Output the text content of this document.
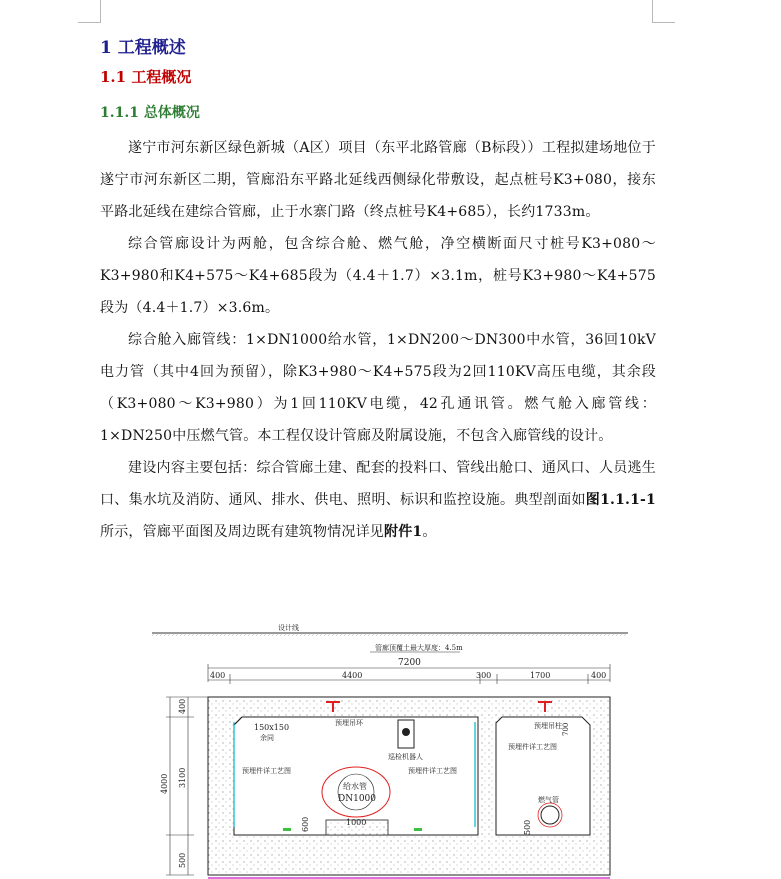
1 工程概述
1.1 工程概况
1.1.1 总体概况

遂宁市河东新区绿色新城（A区）项目（东平北路管廊（B标段））工程拟建场地位于遂宁市河东新区二期，管廊沿东平路北延线西侧绿化带敷设，起点桩号K3+080，接东平路北延线在建综合管廊，止于水寨门路（终点桩号K4+685），长约1733m。

综合管廊设计为两舱，包含综合舱、燃气舱，净空横断面尺寸桩号K3+080～K3+980和K4+575～K4+685段为（4.4＋1.7）×3.1m，桩号K3+980～K4+575段为（4.4＋1.7）×3.6m。

综合舱入廊管线：1×DN1000给水管，1×DN200～DN300中水管，36回10kV电力管（其中4回为预留），除K3+980～K4+575段为2回110KV高压电缆，其余段（K3+080～K3+980）为1回110KV电缆，42孔通讯管。燃气舱入廊管线：1×DN250中压燃气管。本工程仅设计管廊及附属设施，不包含入廊管线的设计。

建设内容主要包括：综合管廊土建、配套的投料口、管线出舱口、通风口、人员逃生口、集水坑及消防、通风、排水、供电、照明、标识和监控设施。典型剖面如图1.1.1-1所示，管廊平面图及周边既有建筑物情况详见附件1。

设计线
管廊顶覆土最大厚度：4.5m
7200
400	4400	300	1700	400
预埋吊环	预埋吊柱
巡检机器人
150x150
余同
预埋件详工艺图	预埋件详工艺图
预埋件详工艺图
给水管
DN1000
1000
600
燃气管
500
700
400
3100
4000
500
